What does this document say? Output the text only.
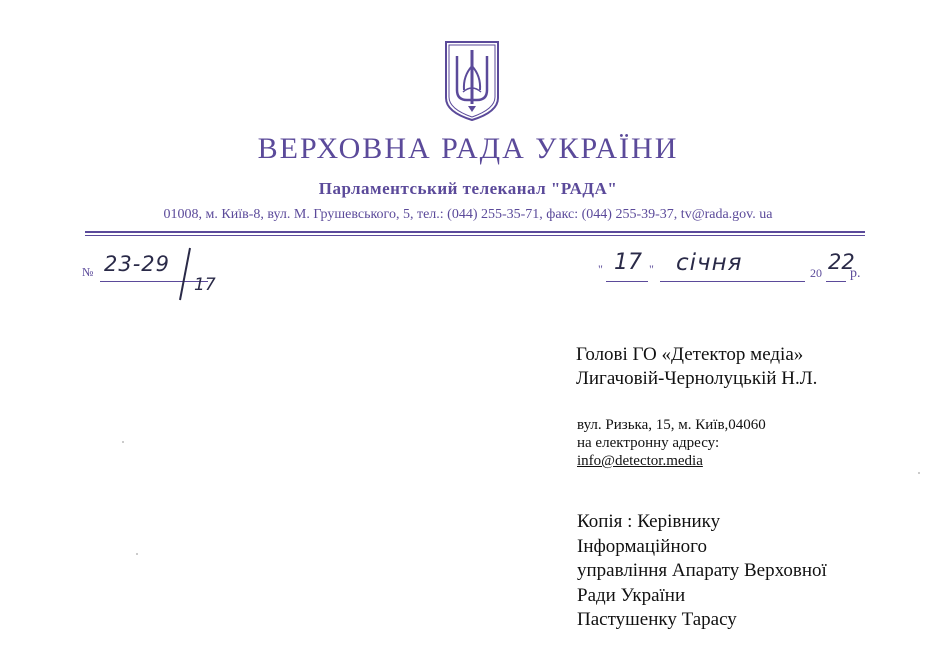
ВЕРХОВНА РАДА УКРАЇНИ
Парламентський телеканал "РАДА"
01008, м. Київ-8, вул. М. Грушевського, 5, тел.: (044) 255-35-71, факс: (044) 255-39-37, tv@rada.gov. ua
№ 23-29
17
" 17 " січня	20 22
р.
Голові ГО «Детектор медіа»
Лигачовій-Чернолуцькій Н.Л.
вул. Ризька, 15, м. Київ,04060
на електронну адресу:
info@detector.media
Копія : Керівнику
Інформаційного
управління Апарату Верховної
Ради України
Пастушенку Тарасу
